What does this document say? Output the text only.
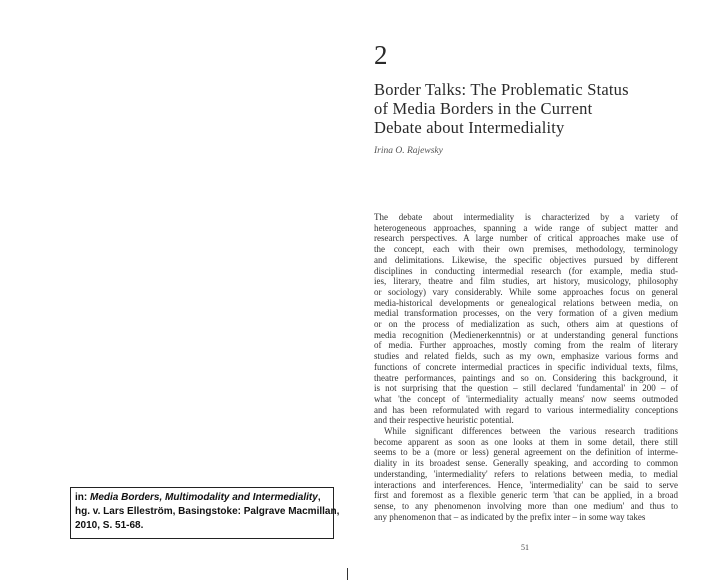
2
Border Talks: The Problematic Status
of Media Borders in the Current
Debate about Intermediality
Irina O. Rajewsky
The debate about intermediality is characterized by a variety of
heterogeneous approaches, spanning a wide range of subject matter and
research perspectives. A large number of critical approaches make use of
the concept, each with their own premises, methodology, terminology
and delimitations. Likewise, the specific objectives pursued by different
disciplines in conducting intermedial research (for example, media stud-
ies, literary, theatre and film studies, art history, musicology, philosophy
or sociology) vary considerably. While some approaches focus on general
media-historical developments or genealogical relations between media, on
medial transformation processes, on the very formation of a given medium
or on the process of medialization as such, others aim at questions of
media recognition (Medienerkenntnis) or at understanding general functions
of media. Further approaches, mostly coming from the realm of literary
studies and related fields, such as my own, emphasize various forms and
functions of concrete intermedial practices in specific individual texts, films,
theatre performances, paintings and so on. Considering this background, it
is not surprising that the question – still declared 'fundamental' in 200 – of
what 'the concept of 'intermediality actually means' now seems outmoded
and has been reformulated with regard to various intermediality conceptions
and their respective heuristic potential.
While significant differences between the various research traditions
become apparent as soon as one looks at them in some detail, there still
seems to be a (more or less) general agreement on the definition of interme-
diality in its broadest sense. Generally speaking, and according to common
understanding, 'intermediality' refers to relations between media, to medial
interactions and interferences. Hence, 'intermediality' can be said to serve
first and foremost as a flexible generic term 'that can be applied, in a broad
sense, to any phenomenon involving more than one medium' and thus to
any phenomenon that – as indicated by the prefix inter – in some way takes
51
in: Media Borders, Multimodality and Intermediality,
hg. v. Lars Elleström, Basingstoke: Palgrave Macmillan,
2010, S. 51-68.
